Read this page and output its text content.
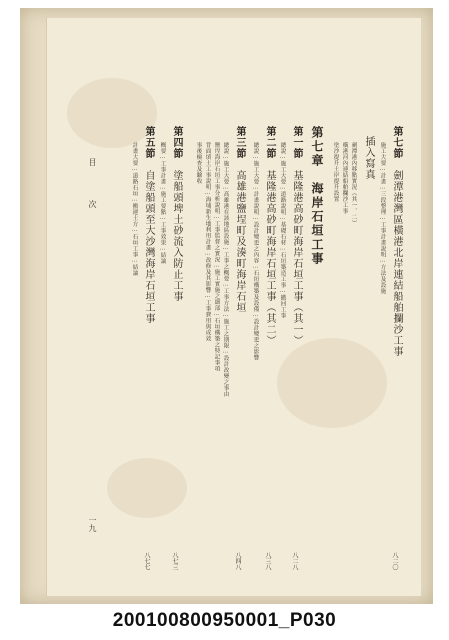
第七節　劍潭港灣區橫港北岸連結船舶攔沙工事
施工大要…計畫…三段整理…工事計畫說明…方法及設施
八二〇
插入寫真
劍潭港內移點實況（其一、二）
橫港河內連結船舶攔沙工事
塗沙提升土岸提升設置
第七章　海岸石垣工事
第一節　基隆港高砂町海岸石垣工事（其一）
總說…施工大要…道路說明…基礎石材…石垣築造工事…撤回工事
八二八
第二節　基隆港高砂町海岸石垣工事（其二）
總說…施工大要…計畫說明…設計變更之內容…石垣構築及設備…設計變更之影響
八三八
第三節　高雄港鹽埕町及湊町海岸石垣
總說…施工大要…高雄港在該地區設施…工事之概要…工事方法…施工之期限…設計改變之事由
鹽埕海岸石垣工事分析說明…工事監督之實況…施工實施之細部…石垣構築之特記事項
背面填土工事說明…海埔新生地利用計畫…改修及其影響…工事費用與成效
事後檢查及驗收
八四八
第四節　塗船頭埤土砂流入防止工事
概要…工事計畫…施工要點…工事效果…結論
八七三
第五節　自塗船頭至大沙灣海岸石垣工事
計畫大要…道路石垣…搬運土方…石垣工事…結論
八七七
目　　次
一九
200100800950001_P030
